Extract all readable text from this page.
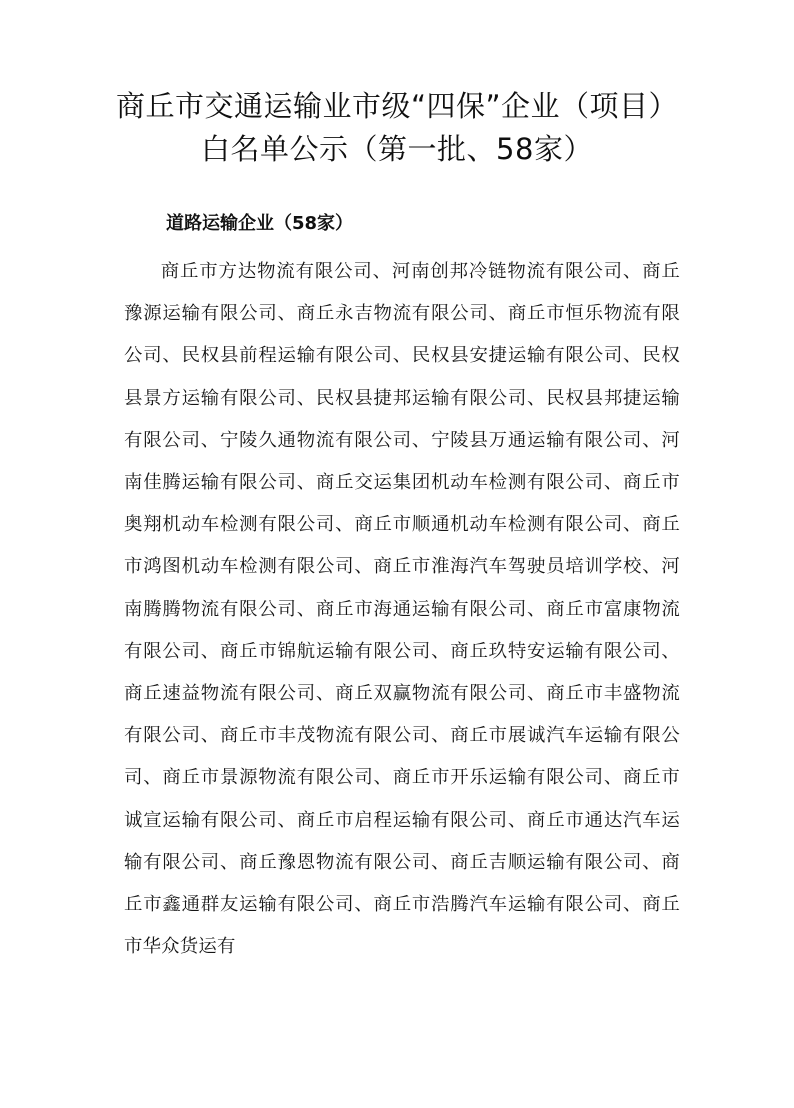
商丘市交通运输业市级“四保”企业（项目）
白名单公示（第一批、58家）
道路运输企业（58家）
商丘市方达物流有限公司、河南创邦冷链物流有限公司、商丘豫源运输有限公司、商丘永吉物流有限公司、商丘市恒乐物流有限公司、民权县前程运输有限公司、民权县安捷运输有限公司、民权县景方运输有限公司、民权县捷邦运输有限公司、民权县邦捷运输有限公司、宁陵久通物流有限公司、宁陵县万通运输有限公司、河南佳腾运输有限公司、商丘交运集团机动车检测有限公司、商丘市奥翔机动车检测有限公司、商丘市顺通机动车检测有限公司、商丘市鸿图机动车检测有限公司、商丘市淮海汽车驾驶员培训学校、河南腾腾物流有限公司、商丘市海通运输有限公司、商丘市富康物流有限公司、商丘市锦航运输有限公司、商丘玖特安运输有限公司、商丘速益物流有限公司、商丘双赢物流有限公司、商丘市丰盛物流有限公司、商丘市丰茂物流有限公司、商丘市展诚汽车运输有限公司、商丘市景源物流有限公司、商丘市开乐运输有限公司、商丘市诚宣运输有限公司、商丘市启程运输有限公司、商丘市通达汽车运输有限公司、商丘豫恩物流有限公司、商丘吉顺运输有限公司、商丘市鑫通群友运输有限公司、商丘市浩腾汽车运输有限公司、商丘市华众货运有
